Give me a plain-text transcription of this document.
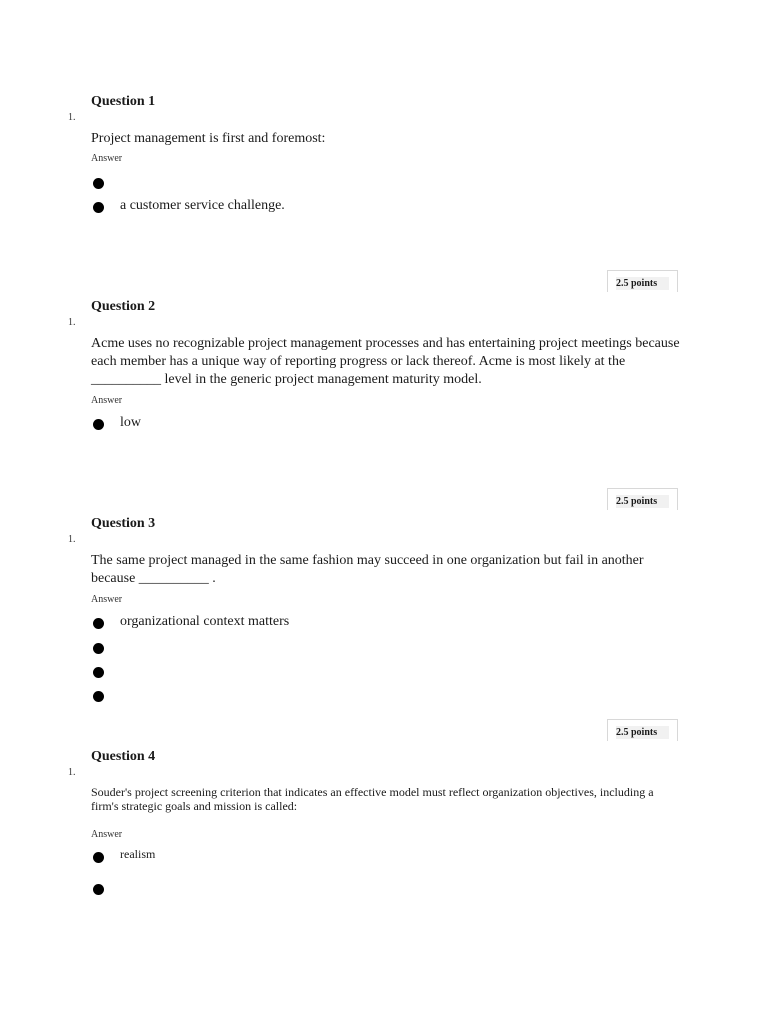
Question 1
1.
Project management is first and foremost:
Answer
a customer service challenge.
2.5 points
Question 2
1.
Acme uses no recognizable project management processes and has entertaining project meetings because each member has a unique way of reporting progress or lack thereof. Acme is most likely at the __________ level in the generic project management maturity model.
Answer
low
2.5 points
Question 3
1.
The same project managed in the same fashion may succeed in one organization but fail in another because __________ .
Answer
organizational context matters
2.5 points
Question 4
1.
Souder's project screening criterion that indicates an effective model must reflect organization objectives, including a firm's strategic goals and mission is called:
Answer
realism
